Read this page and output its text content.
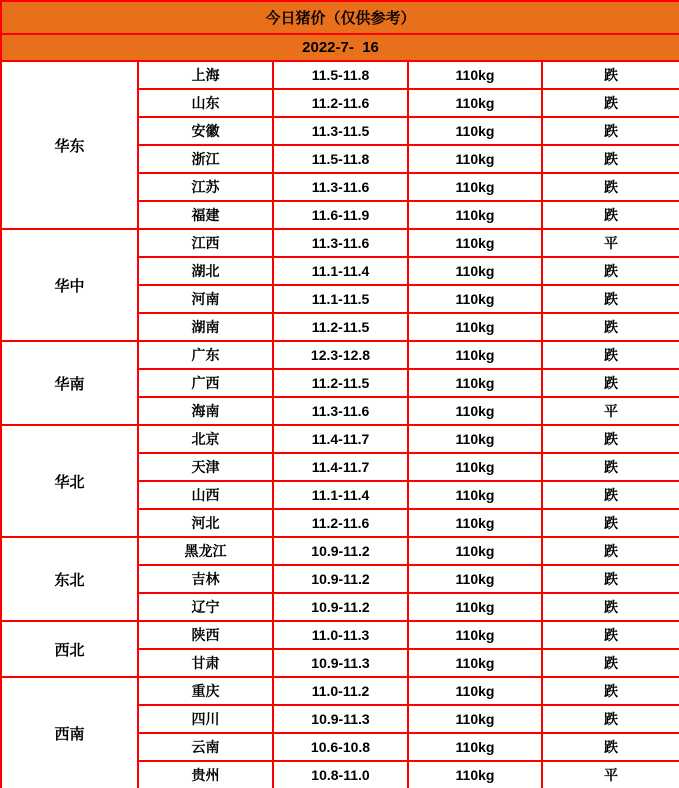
今日猪价（仅供参考）				
2022-7-  16				
华东	上海	11.5-11.8	110kg	跌
	山东	11.2-11.6	110kg	跌
	安徽	11.3-11.5	110kg	跌
	浙江	11.5-11.8	110kg	跌
	江苏	11.3-11.6	110kg	跌
	福建	11.6-11.9	110kg	跌
华中	江西	11.3-11.6	110kg	平
	湖北	11.1-11.4	110kg	跌
	河南	11.1-11.5	110kg	跌
	湖南	11.2-11.5	110kg	跌
华南	广东	12.3-12.8	110kg	跌
	广西	11.2-11.5	110kg	跌
	海南	11.3-11.6	110kg	平
华北	北京	11.4-11.7	110kg	跌
	天津	11.4-11.7	110kg	跌
	山西	11.1-11.4	110kg	跌
	河北	11.2-11.6	110kg	跌
东北	黑龙江	10.9-11.2	110kg	跌
	吉林	10.9-11.2	110kg	跌
	辽宁	10.9-11.2	110kg	跌
西北	陕西	11.0-11.3	110kg	跌
	甘肃	10.9-11.3	110kg	跌
西南	重庆	11.0-11.2	110kg	跌
	四川	10.9-11.3	110kg	跌
	云南	10.6-10.8	110kg	跌
	贵州	10.8-11.0	110kg	平
